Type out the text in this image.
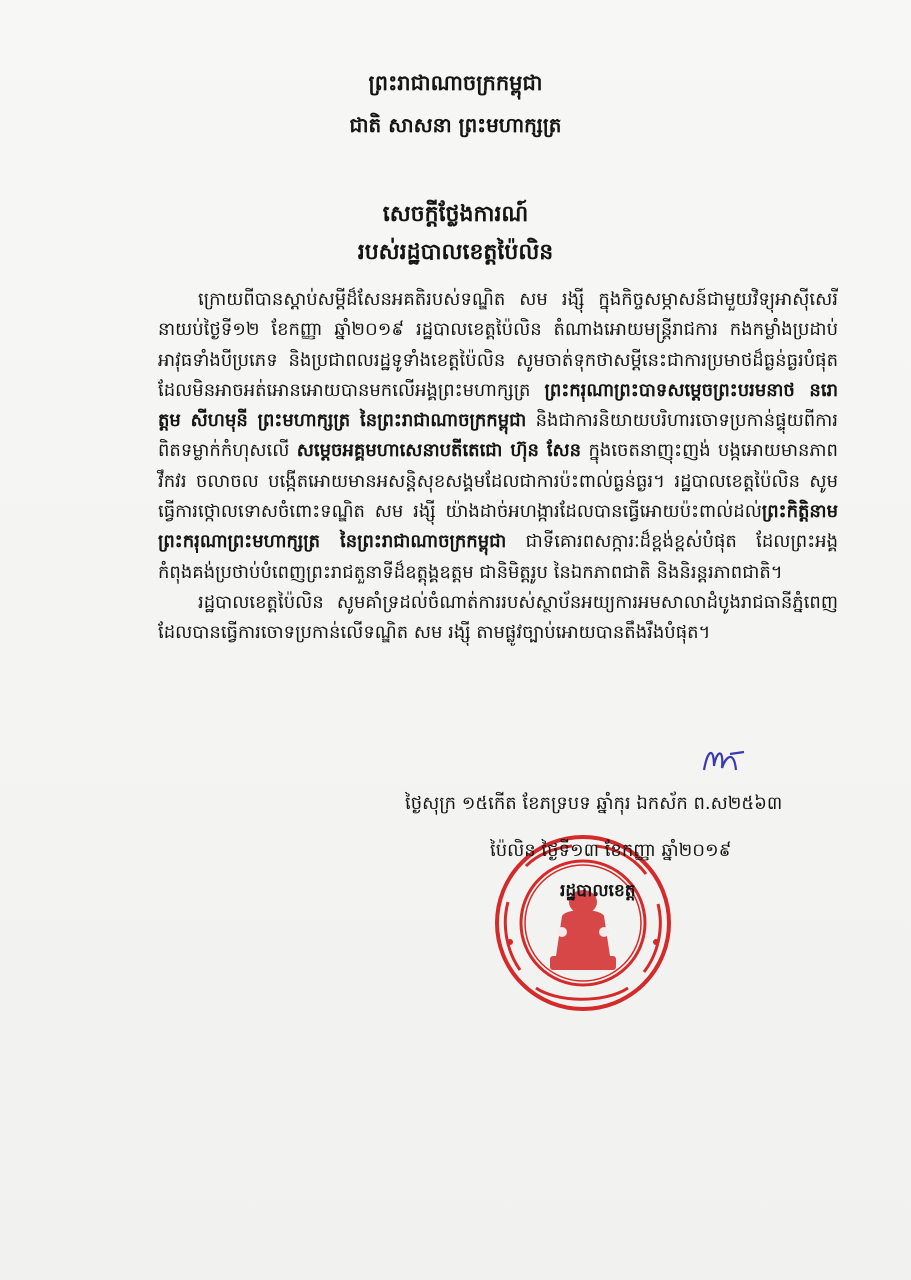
ព្រះរាជាណាចក្រកម្ពុជា
ជាតិ សាសនា ព្រះមហាក្សត្រ
សេចក្ដីថ្លែងការណ៍
របស់រដ្ឋបាលខេត្តប៉ៃលិន

ក្រោយពីបានស្ដាប់សម្ដីដ៏សែនអគតិរបស់ទណ្ឌិត សម រង្ស៊ី ក្នុងកិច្ចសម្ភាសន៍ជាមួយវិទ្យុអាស៊ីសេរី នាយប់ថ្ងៃទី១២ ខែកញ្ញា ឆ្នាំ២០១៩ រដ្ឋបាលខេត្តប៉ៃលិន តំណាងអោយមន្ត្រីរាជការ កងកម្លាំងប្រដាប់អាវុធទាំងបីប្រភេទ និងប្រជាពលរដ្ឋទូទាំងខេត្តប៉ៃលិន សូមចាត់ទុកថាសម្ដីនេះជាការប្រមាថដ៏ធ្ងន់ធ្ងរបំផុតដែលមិនអាចអត់អោនអោយបានមកលើអង្គព្រះមហាក្សត្រ ព្រះករុណាព្រះបាទសម្ដេចព្រះបរមនាថ នរោត្ដម សីហមុនី ព្រះមហាក្សត្រ នៃព្រះរាជាណាចក្រកម្ពុជា និងជាការនិយាយបរិហារចោទប្រកាន់ផ្ទុយពីការពិតទម្លាក់កំហុសលើ សម្ដេចអគ្គមហាសេនាបតីតេជោ ហ៊ុន សែន ក្នុងចេតនាញុះញង់ បង្កអោយមានភាពវឹកវរ ចលាចល បង្កើតអោយមានអសន្ដិសុខសង្គមដែលជាការប៉ះពាល់ធ្ងន់ធ្ងរ។ រដ្ឋបាលខេត្តប៉ៃលិន សូមធ្វើការថ្កោលទោសចំពោះទណ្ឌិត សម រង្ស៊ី យ៉ាងដាច់អហង្ការដែលបានធ្វើអោយប៉ះពាល់ដល់ព្រះកិត្តិនាមព្រះករុណាព្រះមហាក្សត្រ នៃព្រះរាជាណាចក្រកម្ពុជា ជាទីគោរពសក្ការៈដ៏ខ្ពង់ខ្ពស់បំផុត ដែលព្រះអង្គកំពុងគង់ប្រថាប់បំពេញព្រះរាជតួនាទីដ៏ឧត្ដុង្គឧត្ដម ជានិមិត្តរូប នៃឯកភាពជាតិ និងនិរន្ដរភាពជាតិ។

រដ្ឋបាលខេត្តប៉ៃលិន សូមគាំទ្រដល់ចំណាត់ការរបស់ស្ថាប័នអយ្យការអមសាលាដំបូងរាជធានីភ្នំពេញ ដែលបានធ្វើការចោទប្រកាន់លើទណ្ឌិត សម រង្ស៊ី តាមផ្លូវច្បាប់អោយបានតឹងរឹងបំផុត។

ថ្ងៃសុក្រ ១៥កើត ខែភទ្របទ ឆ្នាំកុរ ឯកស័ក ព.ស២៥៦៣
ប៉ៃលិន ថ្ងៃទី១៣ ខែកញ្ញា ឆ្នាំ២០១៩
រដ្ឋបាលខេត្ត
